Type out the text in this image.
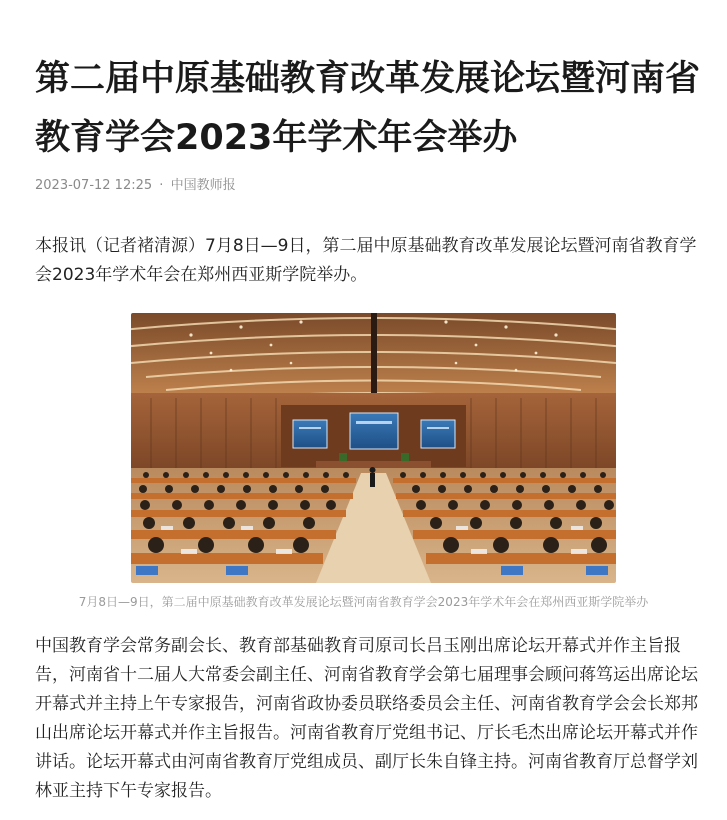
第二届中原基础教育改革发展论坛暨河南省教育学会2023年学术年会举办
2023-07-12 12:25 · 中国教师报

本报讯（记者褚清源）7月8日—9日，第二届中原基础教育改革发展论坛暨河南省教育学会2023年学术年会在郑州西亚斯学院举办。

7月8日—9日，第二届中原基础教育改革发展论坛暨河南省教育学会2023年学术年会在郑州西亚斯学院举办

中国教育学会常务副会长、教育部基础教育司原司长吕玉刚出席论坛开幕式并作主旨报告，河南省十二届人大常委会副主任、河南省教育学会第七届理事会顾问蒋笃运出席论坛开幕式并主持上午专家报告，河南省政协委员联络委员会主任、河南省教育学会会长郑邦山出席论坛开幕式并作主旨报告。河南省教育厅党组书记、厅长毛杰出席论坛开幕式并作讲话。论坛开幕式由河南省教育厅党组成员、副厅长朱自锋主持。河南省教育厅总督学刘林亚主持下午专家报告。
